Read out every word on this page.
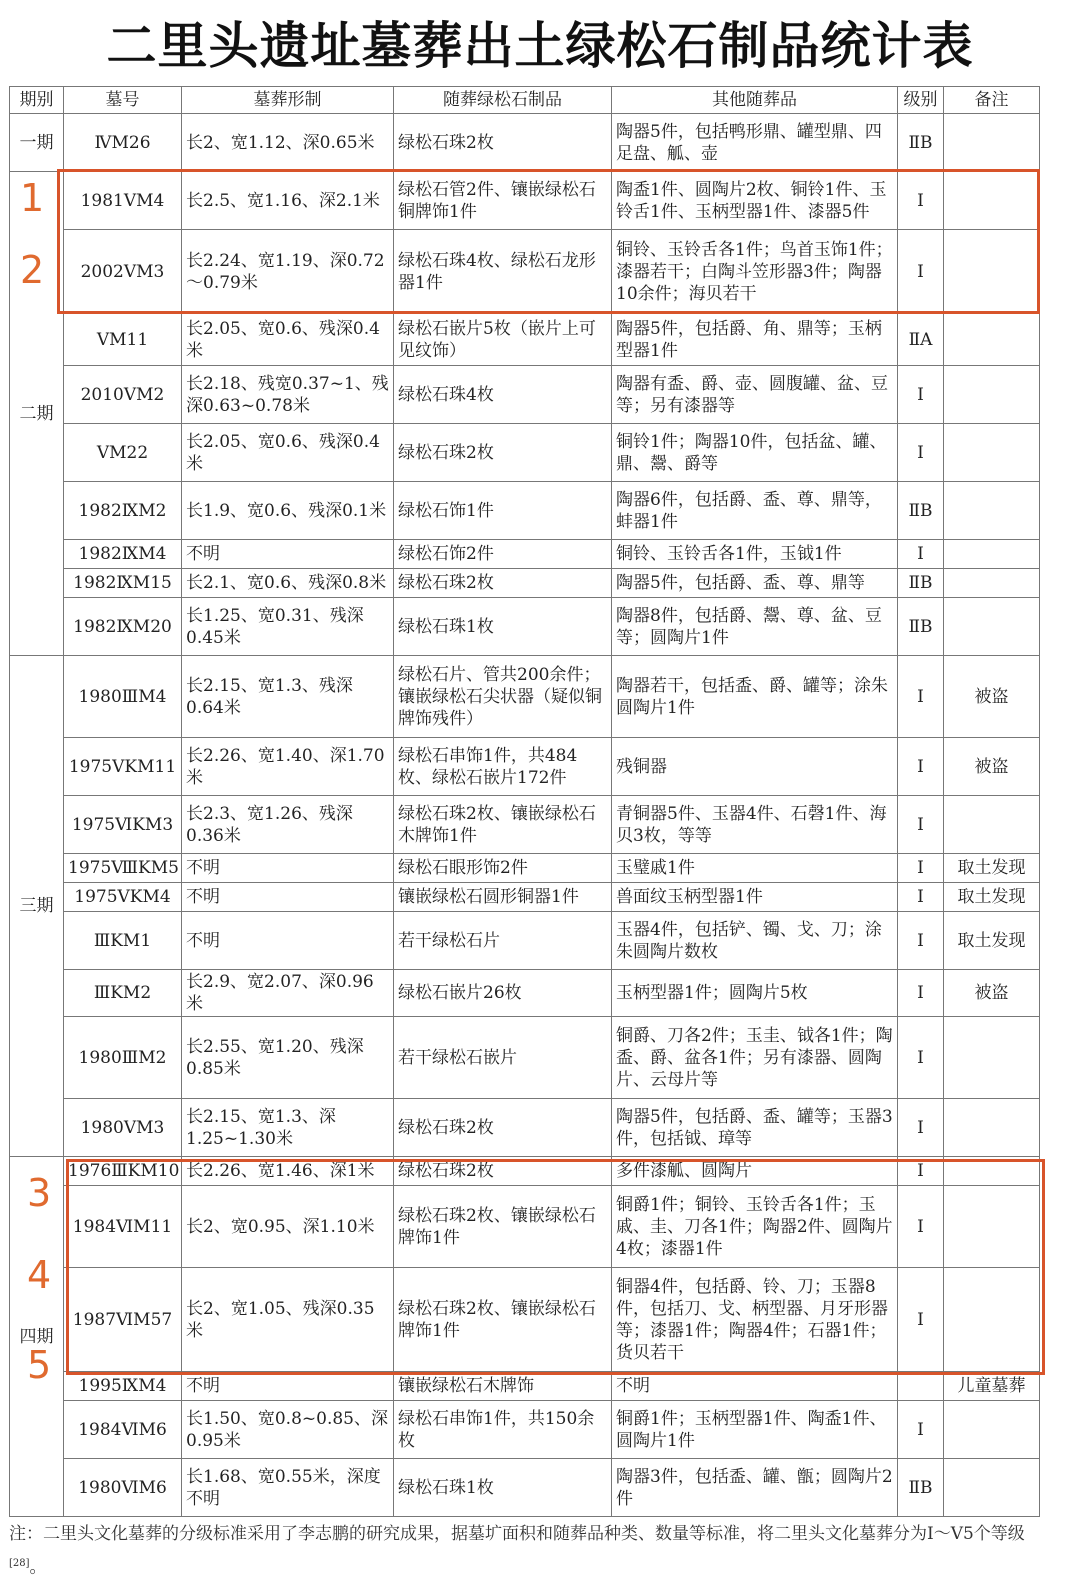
二里头遗址墓葬出土绿松石制品统计表
期别	墓号	墓葬形制	随葬绿松石制品	其他随葬品	级别	备注
一期	ⅣM26	长2、宽1.12、深0.65米	绿松石珠2枚	陶器5件，包括鸭形鼎、罐型鼎、四足盘、觚、壶	ⅡB	
二期	1981ⅤM4	长2.5、宽1.16、深2.1米	绿松石管2件、镶嵌绿松石铜牌饰1件	陶盉1件、圆陶片2枚、铜铃1件、玉铃舌1件、玉柄型器1件、漆器5件	Ⅰ	
	2002ⅤM3	长2.24、宽1.19、深0.72～0.79米	绿松石珠4枚、绿松石龙形器1件	铜铃、玉铃舌各1件；鸟首玉饰1件；漆器若干；白陶斗笠形器3件；陶器10余件；海贝若干	Ⅰ	
	ⅤM11	长2.05、宽0.6、残深0.4米	绿松石嵌片5枚（嵌片上可见纹饰）	陶器5件，包括爵、角、鼎等；玉柄型器1件	ⅡA	
	2010ⅤM2	长2.18、残宽0.37~1、残深0.63~0.78米	绿松石珠4枚	陶器有盉、爵、壶、圆腹罐、盆、豆等；另有漆器等	Ⅰ	
	ⅤM22	长2.05、宽0.6、残深0.4米	绿松石珠2枚	铜铃1件；陶器10件，包括盆、罐、鼎、鬶、爵等	Ⅰ	
	1982ⅨM2	长1.9、宽0.6、残深0.1米	绿松石饰1件	陶器6件，包括爵、盉、尊、鼎等，蚌器1件	ⅡB	
	1982ⅨM4	不明	绿松石饰2件	铜铃、玉铃舌各1件，玉钺1件	Ⅰ	
	1982ⅨM15	长2.1、宽0.6、残深0.8米	绿松石珠2枚	陶器5件，包括爵、盉、尊、鼎等	ⅡB	
	1982ⅨM20	长1.25、宽0.31、残深0.45米	绿松石珠1枚	陶器8件，包括爵、鬶、尊、盆、豆等；圆陶片1件	ⅡB	
三期	1980ⅢM4	长2.15、宽1.3、残深0.64米	绿松石片、管共200余件；镶嵌绿松石尖状器（疑似铜牌饰残件）	陶器若干，包括盉、爵、罐等；涂朱圆陶片1件	Ⅰ	被盗
	1975ⅤKM11	长2.26、宽1.40、深1.70米	绿松石串饰1件，共484枚、绿松石嵌片172件	残铜器	Ⅰ	被盗
	1975ⅥKM3	长2.3、宽1.26、残深0.36米	绿松石珠2枚、镶嵌绿松石木牌饰1件	青铜器5件、玉器4件、石磬1件、海贝3枚，等等	Ⅰ	
	1975ⅧKM5	不明	绿松石眼形饰2件	玉璧戚1件	Ⅰ	取土发现
	1975ⅤKM4	不明	镶嵌绿松石圆形铜器1件	兽面纹玉柄型器1件	Ⅰ	取土发现
	ⅢKM1	不明	若干绿松石片	玉器4件，包括铲、镯、戈、刀；涂朱圆陶片数枚	Ⅰ	取土发现
	ⅢKM2	长2.9、宽2.07、深0.96米	绿松石嵌片26枚	玉柄型器1件；圆陶片5枚	Ⅰ	被盗
	1980ⅢM2	长2.55、宽1.20、残深0.85米	若干绿松石嵌片	铜爵、刀各2件；玉圭、钺各1件；陶盉、爵、盆各1件；另有漆器、圆陶片、云母片等	Ⅰ	
	1980ⅤM3	长2.15、宽1.3、深1.25~1.30米	绿松石珠2枚	陶器5件，包括爵、盉、罐等；玉器3件，包括钺、璋等	Ⅰ	
四期	1976ⅢKM10	长2.26、宽1.46、深1米	绿松石珠2枚	多件漆觚、圆陶片	Ⅰ	
	1984ⅥM11	长2、宽0.95、深1.10米	绿松石珠2枚、镶嵌绿松石牌饰1件	铜爵1件；铜铃、玉铃舌各1件；玉戚、圭、刀各1件；陶器2件、圆陶片4枚；漆器1件	Ⅰ	
	1987ⅥM57	长2、宽1.05、残深0.35米	绿松石珠2枚、镶嵌绿松石牌饰1件	铜器4件，包括爵、铃、刀；玉器8件，包括刀、戈、柄型器、月牙形器等；漆器1件；陶器4件；石器1件；货贝若干	Ⅰ	
	1995ⅨM4	不明	镶嵌绿松石木牌饰	不明		儿童墓葬
	1984ⅥM6	长1.50、宽0.8~0.85、深0.95米	绿松石串饰1件，共150余枚	铜爵1件；玉柄型器1件、陶盉1件、圆陶片1件	Ⅰ	
	1980ⅥM6	长1.68、宽0.55米，深度不明	绿松石珠1枚	陶器3件，包括盉、罐、甑；圆陶片2件	ⅡB	
1
2
3
4
5
注：二里头文化墓葬的分级标准采用了李志鹏的研究成果，据墓圹面积和随葬品种类、数量等标准，将二里头文化墓葬分为Ⅰ～Ⅴ5个等级[28]。
